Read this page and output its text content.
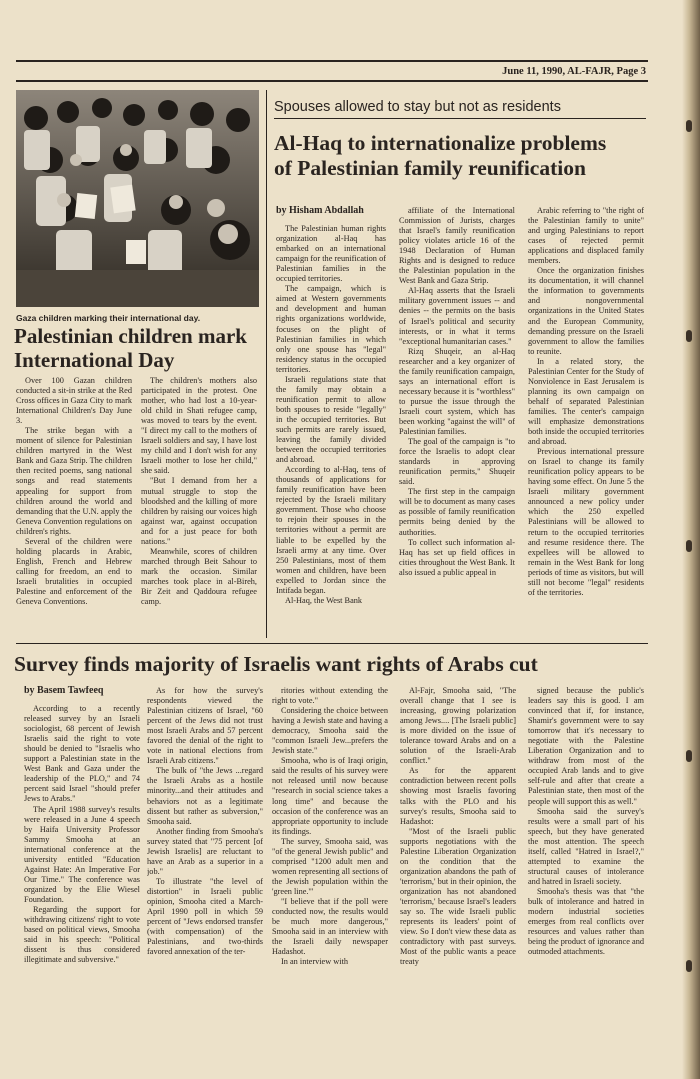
June 11, 1990, AL-FAJR, Page 3
Gaza children marking their international day.
Palestinian children mark
International Day

Over 100 Gazan children conducted a sit-in strike at the Red Cross offices in Gaza City to mark International Children's Day June 3.

The strike began with a moment of silence for Palestinian children martyred in the West Bank and Gaza Strip. The children then recited poems, sang national songs and read statements appealing for support from children around the world and demanding that the U.N. apply the Geneva Convention regulations on children's rights.

Several of the children were holding placards in Arabic, English, French and Hebrew calling for freedom, an end to Israeli brutalities in occupied Palestine and enforcement of the Geneva Conventions.

The children's mothers also participated in the protest. One mother, who had lost a 10-year-old child in Shati refugee camp, was moved to tears by the event. "I direct my call to the mothers of Israeli soldiers and say, I have lost my child and I don't wish for any Israeli mother to lose her child," she said.

"But I demand from her a mutual struggle to stop the bloodshed and the killing of more children by raising our voices high against war, against occupation and for a just peace for both nations."

Meanwhile, scores of children marched through Beit Sahour to mark the occasion. Similar marches took place in al-Bireh, Bir Zeit and Qaddoura refugee camp.

Spouses allowed to stay but not as residents
Al-Haq to internationalize problems
of Palestinian family reunification
by Hisham Abdallah

The Palestinian human rights organization al-Haq has embarked on an international campaign for the reunification of Palestinian families in the occupied territories.

The campaign, which is aimed at Western governments and development and human rights organizations worldwide, focuses on the plight of Palestinian families in which only one spouse has "legal" residency status in the occupied territories.

Israeli regulations state that the family may obtain a reunification permit to allow both spouses to reside "legally" in the occupied territories. But such permits are rarely issued, leaving the family divided between the occupied territories and abroad.

According to al-Haq, tens of thousands of applications for family reunification have been rejected by the Israeli military government. Those who choose to rejoin their spouses in the territories without a permit are liable to be expelled by the Israeli army at any time. Over 250 Palestinians, most of them women and children, have been expelled to Jordan since the Intifada began.

Al-Haq, the West Bank

affiliate of the International Commission of Jurists, charges that Israel's family reunification policy violates article 16 of the 1948 Declaration of Human Rights and is designed to reduce the Palestinian population in the West Bank and Gaza Strip.

Al-Haq asserts that the Israeli military government issues -- and denies -- the permits on the basis of Israel's political and security interests, or in what it terms "exceptional humanitarian cases."

Rizq Shuqeir, an al-Haq researcher and a key organizer of the family reunification campaign, says an international effort is necessary because it is "worthless" to pursue the issue through the Israeli court system, which has been working "against the will" of Palestinian families.

The goal of the campaign is "to force the Israelis to adopt clear standards in approving reunification permits," Shuqeir said.

The first step in the campaign will be to document as many cases as possible of family reunification permits being denied by the authorities.

To collect such information al-Haq has set up field offices in cities throughout the West Bank. It also issued a public appeal in

Arabic referring to "the right of the Palestinian family to unite" and urging Palestinians to report cases of rejected permit applications and displaced family members.

Once the organization finishes its documentation, it will channel the information to governments and nongovernmental organizations in the United States and the European Community, demanding pressure on the Israeli government to allow the families to reunite.

In a related story, the Palestinian Center for the Study of Nonviolence in East Jerusalem is planning its own campaign on behalf of separated Palestinian families. The center's campaign will emphasize demonstrations both inside the occupied territories and abroad.

Previous international pressure on Israel to change its family reunification policy appears to be having some effect. On June 5 the Israeli military government announced a new policy under which the 250 expelled Palestinians will be allowed to return to the occupied territories and resume residence there. The expellees will be allowed to remain in the West Bank for long periods of time as visitors, but will still not become "legal" residents of the territories.

Survey finds majority of Israelis want rights of Arabs cut
by Basem Tawfeeq

According to a recently released survey by an Israeli sociologist, 68 percent of Jewish Israelis said the right to vote should be denied to "Israelis who support a Palestinian state in the West Bank and Gaza under the leadership of the PLO," and 74 percent said Israel "should prefer Jews to Arabs."

The April 1988 survey's results were released in a June 4 speech by Haifa University Professor Sammy Smooha at an international conference at the university entitled "Education Against Hate: An Imperative For Our Time." The conference was organized by the Elie Wiesel Foundation.

Regarding the support for withdrawing citizens' right to vote based on political views, Smooha said in his speech: "Political dissent is thus considered illegitimate and subversive."

As for how the survey's respondents viewed the Palestinian citizens of Israel, "60 percent of the Jews did not trust most Israeli Arabs and 57 percent favored the denial of the right to vote in national elections from Israeli Arab citizens."

The bulk of "the Jews ...regard the Israeli Arabs as a hostile minority...and their attitudes and behaviors not as a legitimate dissent but rather as subversion," Smooha said.

Another finding from Smooha's survey stated that "75 percent [of Jewish Israelis] are reluctant to have an Arab as a superior in a job."

To illustrate "the level of distortion" in Israeli public opinion, Smooha cited a March-April 1990 poll in which 59 percent of "Jews endorsed transfer (with compensation) of the Palestinians, and two-thirds favored annexation of the ter-

ritories without extending the right to vote."

Considering the choice between having a Jewish state and having a democracy, Smooha said the "common Israeli Jew...prefers the Jewish state."

Smooha, who is of Iraqi origin, said the results of his survey were not released until now because "research in social science takes a long time" and because the occasion of the conference was an appropriate opportunity to include its findings.

The survey, Smooha said, was "of the general Jewish public" and comprised "1200 adult men and women representing all sections of the Jewish population within the 'green line.'"

"I believe that if the poll were conducted now, the results would be much more dangerous," Smooha said in an interview with the Israeli daily newspaper Hadashot.

In an interview with

Al-Fajr, Smooha said, "The overall change that I see is increasing, growing polarization among Jews.... [The Israeli public] is more divided on the issue of tolerance toward Arabs and on a solution of the Israeli-Arab conflict."

As for the apparent contradiction between recent polls showing most Israelis favoring talks with the PLO and his survey's results, Smooha said to Hadashot:

"Most of the Israeli public supports negotiations with the Palestine Liberation Organization on the condition that the organization abandons the path of 'terrorism,' but in their opinion, the organization has not abandoned 'terrorism,' because Israel's leaders say so. The wide Israeli public represents its leaders' point of view. So I don't view these data as contradictory with past surveys. Most of the public wants a peace treaty

signed because the public's leaders say this is good. I am convinced that if, for instance, Shamir's government were to say tomorrow that it's necessary to negotiate with the Palestine Liberation Organization and to withdraw from most of the occupied Arab lands and to give self-rule and after that create a Palestinian state, then most of the people will support this as well."

Smooha said the survey's results were a small part of his speech, but they have generated the most attention. The speech itself, called "Hatred in Israel?," attempted to examine the structural causes of intolerance and hatred in Israeli society.

Smooha's thesis was that "the bulk of intolerance and hatred in modern industrial societies emerges from real conflicts over resources and values rather than being the product of ignorance and outmoded attachments.
